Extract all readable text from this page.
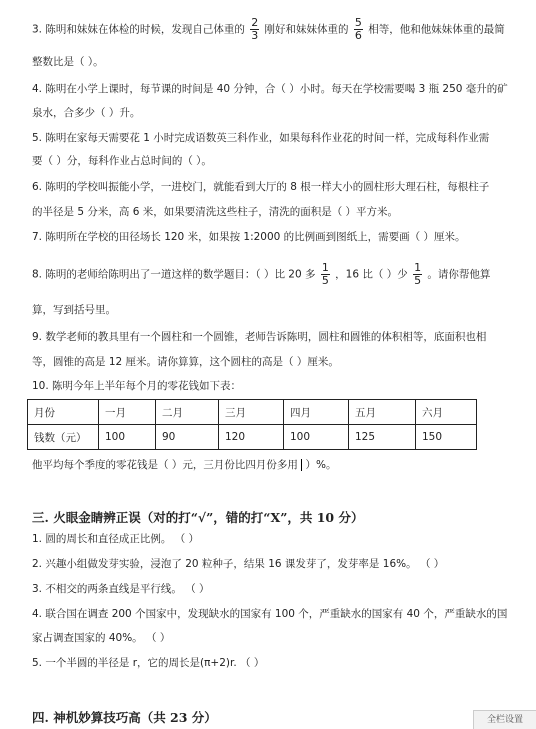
3. 陈明和妹妹在体检的时候，发现自己体重的 $\frac{2}{3}$ 刚好和妹妹体重的 $\frac{5}{6}$ 相等，他和他妹妹体重的最简
整数比是（ ）。
4. 陈明在小学上课时，每节课的时间是 40 分钟，合（ ）小时。每天在学校需要喝 3 瓶 250 毫升的矿
泉水，合多少（ ）升。
5. 陈明在家每天需要花 1 小时完成语数英三科作业，如果每科作业花的时间一样，完成每科作业需
要（ ）分，每科作业占总时间的（ ）。
6. 陈明的学校叫振能小学，一进校门，就能看到大厅的 8 根一样大小的圆柱形大理石柱，每根柱子
的半径是 5 分米，高 6 米，如果要清洗这些柱子，清洗的面积是（ ）平方米。
7. 陈明所在学校的田径场长 120 米，如果按 1:2000 的比例画到图纸上，需要画（ ）厘米。
8. 陈明的老师给陈明出了一道这样的数学题目：（ ）比 20 多 $\frac{1}{5}$ ，16 比（ ）少 $\frac{1}{5}$ 。请你帮他算
算，写到括号里。
9. 数学老师的教具里有一个圆柱和一个圆锥，老师告诉陈明，圆柱和圆锥的体积相等，底面积也相
等，圆锥的高是 12 厘米。请你算算，这个圆柱的高是（ ）厘米。
10. 陈明今年上半年每个月的零花钱如下表：
月份	一月	二月	三月	四月	五月	六月
钱数（元）	100	90	120	100	125	150
他平均每个季度的零花钱是（ ）元，三月份比四月份多用  ）%。
三. 火眼金睛辨正误（对的打“√”，错的打“X”，共 10 分）
1. 圆的周长和直径成正比例。 （ ）
2. 兴趣小组做发芽实验，浸泡了 20 粒种子，结果 16 课发芽了，发芽率是 16%。 （ ）
3. 不相交的两条直线是平行线。 （ ）
4. 联合国在调查 200 个国家中，发现缺水的国家有 100 个，严重缺水的国家有 40 个，严重缺水的国
家占调查国家的 40%。 （ ）
5. 一个半圆的半径是 r，它的周长是(π+2)r. （ ）
四. 神机妙算技巧高（共 23 分）	全栏设置
